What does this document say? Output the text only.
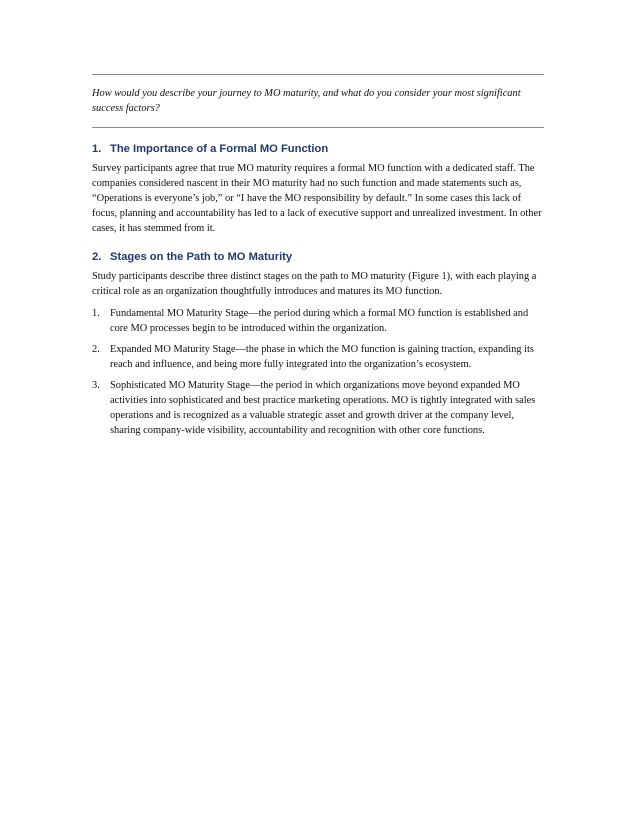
How would you describe your journey to MO maturity, and what do you consider your most significant success factors?

1. The Importance of a Formal MO Function

Survey participants agree that true MO maturity requires a formal MO function with a dedicated staff. The companies considered nascent in their MO maturity had no such function and made statements such as, “Operations is everyone’s job,” or “I have the MO responsibility by default.” In some cases this lack of focus, planning and accountability has led to a lack of executive support and unrealized investment. In other cases, it has stemmed from it.

2. Stages on the Path to MO Maturity

Study participants describe three distinct stages on the path to MO maturity (Figure 1), with each playing a critical role as an organization thoughtfully introduces and matures its MO function.

1. Fundamental MO Maturity Stage—the period during which a formal MO function is established and core MO processes begin to be introduced within the organization.
2. Expanded MO Maturity Stage—the phase in which the MO function is gaining traction, expanding its reach and influence, and being more fully integrated into the organization’s ecosystem.
3. Sophisticated MO Maturity Stage—the period in which organizations move beyond expanded MO activities into sophisticated and best practice marketing operations. MO is tightly integrated with sales operations and is recognized as a valuable strategic asset and growth driver at the company level, sharing company-wide visibility, accountability and recognition with other core functions.
